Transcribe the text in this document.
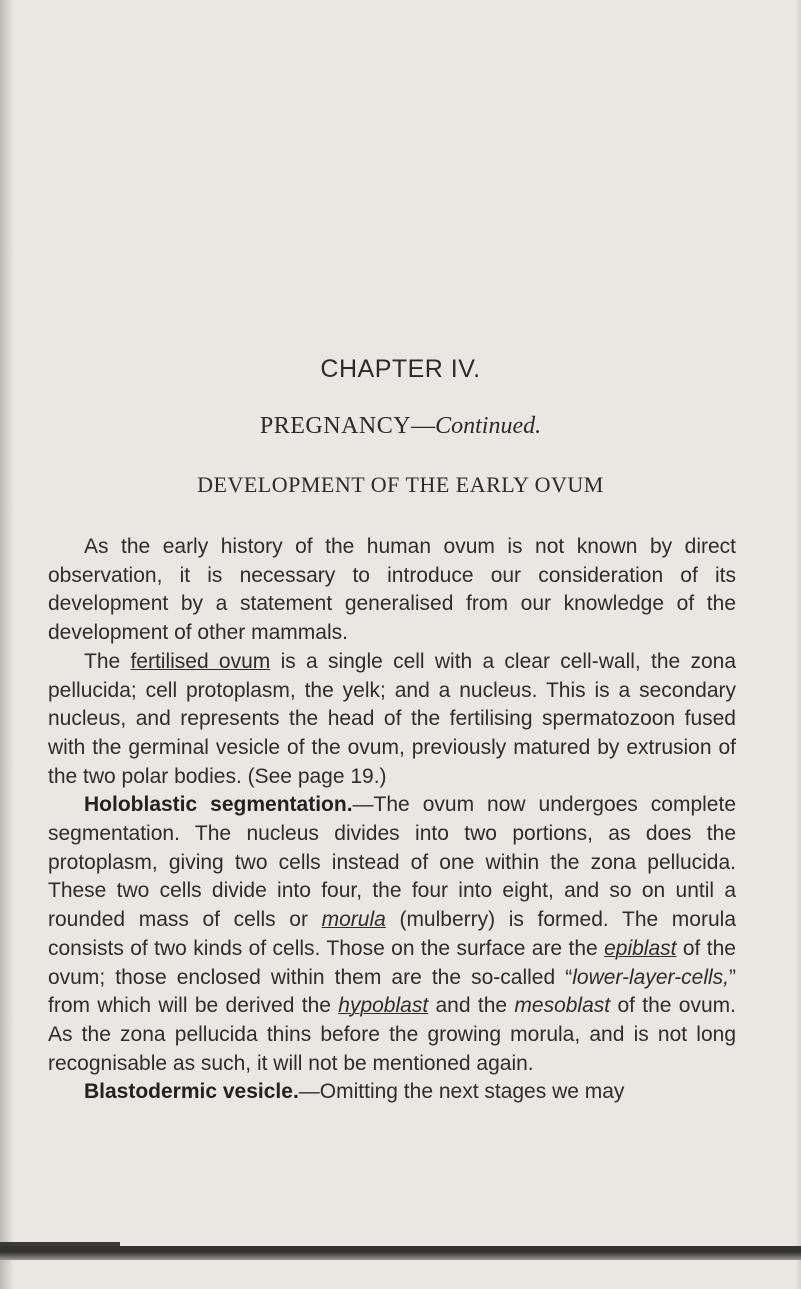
CHAPTER IV.
PREGNANCY—Continued.
DEVELOPMENT OF THE EARLY OVUM

As the early history of the human ovum is not known by direct observation, it is necessary to introduce our consideration of its development by a statement generalised from our knowledge of the development of other mammals.

The fertilised ovum is a single cell with a clear cell-wall, the zona pellucida; cell protoplasm, the yelk; and a nucleus. This is a secondary nucleus, and represents the head of the fertilising spermatozoon fused with the germinal vesicle of the ovum, previously matured by extrusion of the two polar bodies. (See page 19.)

Holoblastic segmentation.—The ovum now undergoes complete segmentation. The nucleus divides into two portions, as does the protoplasm, giving two cells instead of one within the zona pellucida. These two cells divide into four, the four into eight, and so on until a rounded mass of cells or morula (mulberry) is formed. The morula consists of two kinds of cells. Those on the surface are the epiblast of the ovum; those enclosed within them are the so-called “lower-layer-cells,” from which will be derived the hypoblast and the mesoblast of the ovum. As the zona pellucida thins before the growing morula, and is not long recognisable as such, it will not be mentioned again.

Blastodermic vesicle.—Omitting the next stages we may
